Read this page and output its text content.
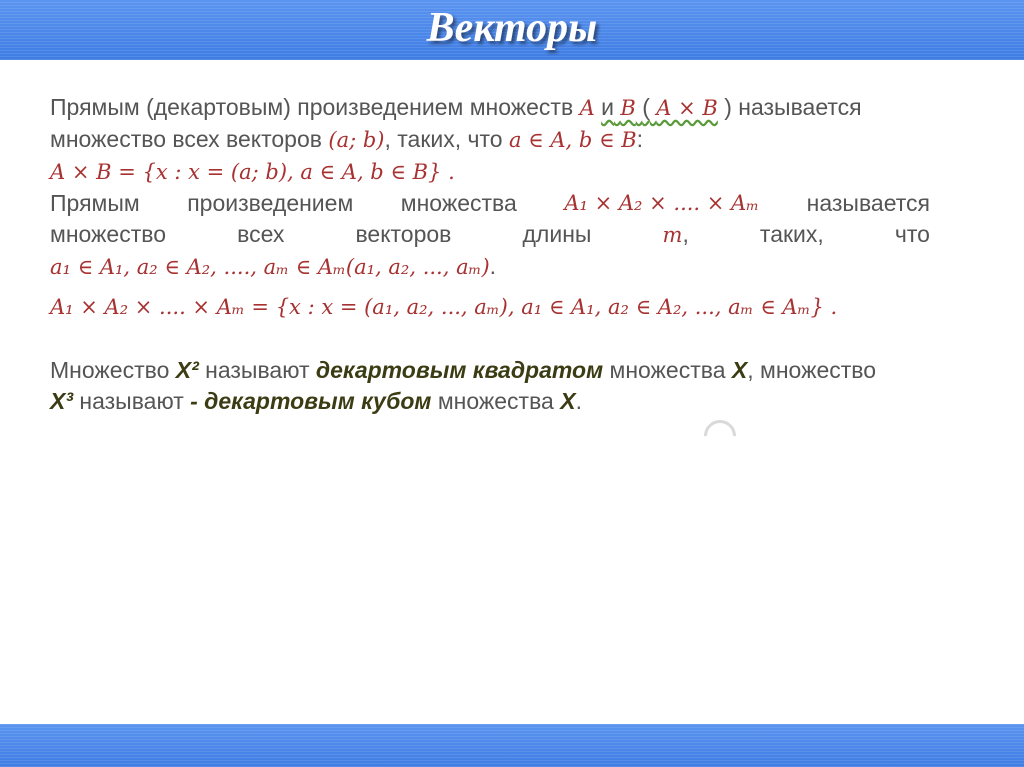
Векторы
Прямым (декартовым) произведением множеств A и B ( A × B ) называется
множество всех векторов (a; b), таких, что a ∈ A, b ∈ B:
A × B = {x : x = (a; b), a ∈ A, b ∈ B} .
Прямым произведением множества A₁ × A₂ × .... × Aₘ называется
множество	всех	векторов	длины	m,	таких,	что
a₁ ∈ A₁, a₂ ∈ A₂, ...., aₘ ∈ Aₘ(a₁, a₂, ..., aₘ).
A₁ × A₂ × .... × Aₘ = {x : x = (a₁, a₂, ..., aₘ), a₁ ∈ A₁, a₂ ∈ A₂, ..., aₘ ∈ Aₘ} .
Множество X² называют декартовым квадратом множества X, множество
X³ называют - декартовым кубом множества X.
